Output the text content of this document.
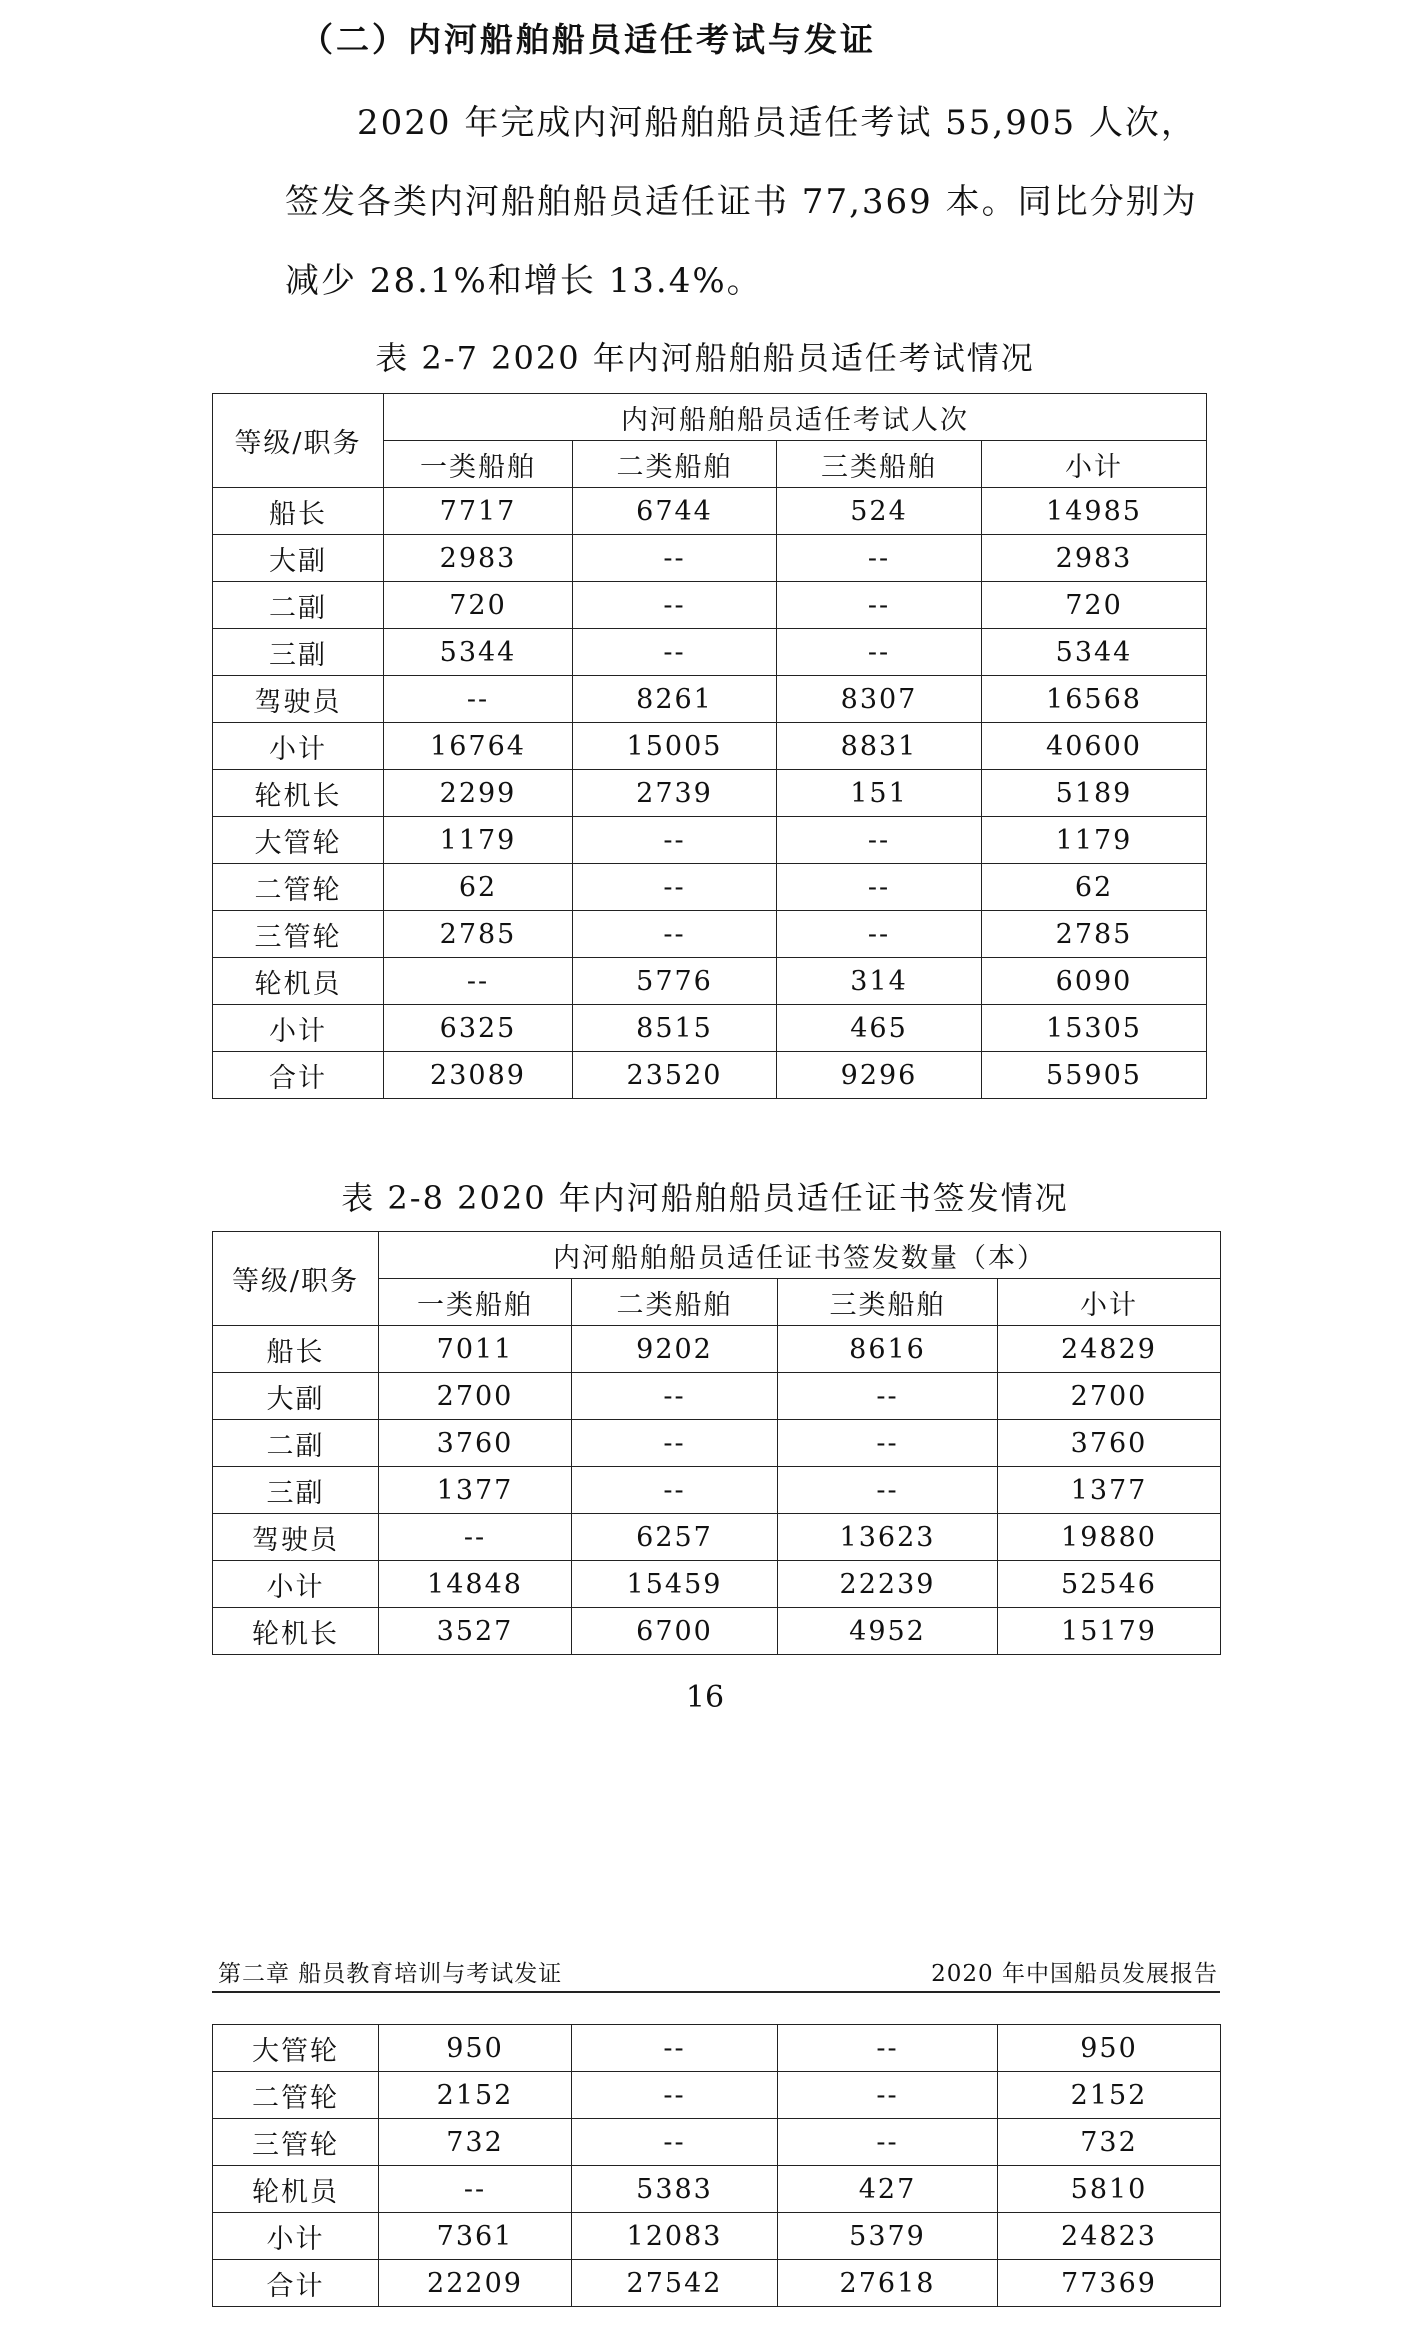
（二）内河船舶船员适任考试与发证

2020 年完成内河船舶船员适任考试 55,905 人次，签发各类内河船舶船员适任证书 77,369 本。同比分别为减少 28.1%和增长 13.4%。

表 2-7 2020 年内河船舶船员适任考试情况

等级/职务	内河船舶船员适任考试人次			
	一类船舶	二类船舶	三类船舶	小计
船长	7717	6744	524	14985
大副	2983	--	--	2983
二副	720	--	--	720
三副	5344	--	--	5344
驾驶员	--	8261	8307	16568
小计	16764	15005	8831	40600
轮机长	2299	2739	151	5189
大管轮	1179	--	--	1179
二管轮	62	--	--	62
三管轮	2785	--	--	2785
轮机员	--	5776	314	6090
小计	6325	8515	465	15305
合计	23089	23520	9296	55905

表 2-8 2020 年内河船舶船员适任证书签发情况

等级/职务	内河船舶船员适任证书签发数量（本）			
	一类船舶	二类船舶	三类船舶	小计
船长	7011	9202	8616	24829
大副	2700	--	--	2700
二副	3760	--	--	3760
三副	1377	--	--	1377
驾驶员	--	6257	13623	19880
小计	14848	15459	22239	52546
轮机长	3527	6700	4952	15179

16

第二章 船员教育培训与考试发证	2020 年中国船员发展报告

大管轮	950	--	--	950
二管轮	2152	--	--	2152
三管轮	732	--	--	732
轮机员	--	5383	427	5810
小计	7361	12083	5379	24823
合计	22209	27542	27618	77369
